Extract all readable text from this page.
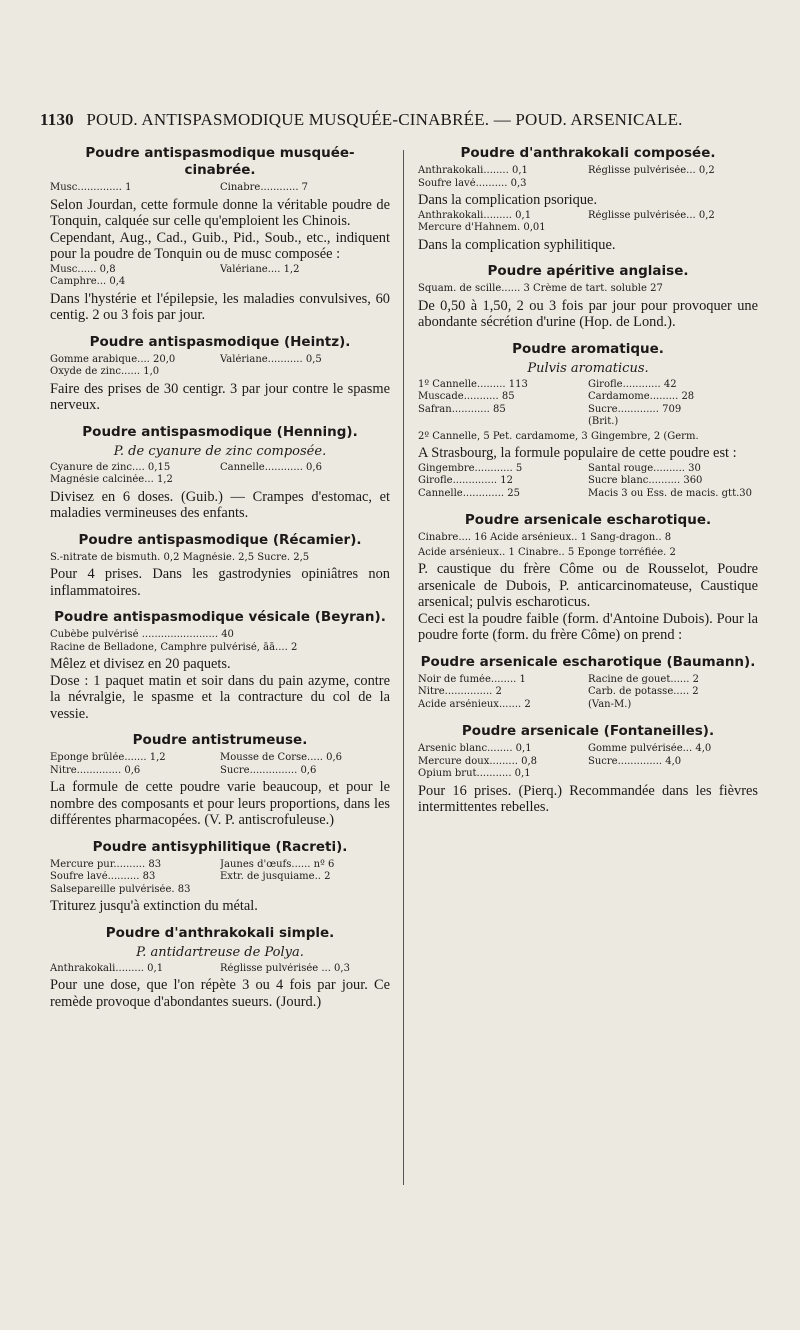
1130 POUD. ANTISPASMODIQUE MUSQUÉE-CINABRÉE. — POUD. ARSENICALE.
Poudre antispasmodique musquée-cinabrée.
Musc.............. 1	Cinabre............ 7

Selon Jourdan, cette formule donne la véritable poudre de Tonquin, calquée sur celle qu'emploient les Chinois.

Cependant, Aug., Cad., Guib., Pid., Soub., etc., indiquent pour la poudre de Tonquin ou de musc composée :

Musc...... 0,8	Valériane.... 1,2
Camphre... 0,4

Dans l'hystérie et l'épilepsie, les maladies convulsives, 60 centig. 2 ou 3 fois par jour.

Poudre antispasmodique (Heintz).
Gomme arabique.... 20,0	Valériane........... 0,5
Oxyde de zinc...... 1,0

Faire des prises de 30 centigr. 3 par jour contre le spasme nerveux.

Poudre antispasmodique (Henning).
P. de cyanure de zinc composée.
Cyanure de zinc.... 0,15	Cannelle............ 0,6
Magnésie calcinée... 1,2

Divisez en 6 doses. (Guib.) — Crampes d'estomac, et maladies vermineuses des enfants.

Poudre antispasmodique (Récamier).
S.-nitrate de bismuth. 0,2 Magnésie. 2,5 Sucre. 2,5

Pour 4 prises. Dans les gastrodynies opiniâtres non inflammatoires.

Poudre antispasmodique vésicale (Beyran).
Cubèbe pulvérisé ........................ 40
Racine de Belladone, Camphre pulvérisé, āā.... 2

Mêlez et divisez en 20 paquets.

Dose : 1 paquet matin et soir dans du pain azyme, contre la névralgie, le spasme et la contracture du col de la vessie.

Poudre antistrumeuse.
Éponge brûlée....... 1,2	Mousse de Corse..... 0,6
Nitre.............. 0,6	Sucre............... 0,6

La formule de cette poudre varie beaucoup, et pour le nombre des composants et pour leurs proportions, dans les différentes pharmacopées. (V. P. antiscrofuleuse.)

Poudre antisyphilitique (Racreti).
Mercure pur.......... 83	Jaunes d'œufs...... nº 6
Soufre lavé.......... 83	Extr. de jusquiame.. 2
Salsepareille pulvérisée. 83

Triturez jusqu'à extinction du métal.

Poudre d'anthrakokali simple.
P. antidartreuse de Polya.
Anthrakokali......... 0,1	Réglisse pulvérisée ... 0,3

Pour une dose, que l'on répète 3 ou 4 fois par jour. Ce remède provoque d'abondantes sueurs. (Jourd.)

Poudre d'anthrakokali composée.
Anthrakokali........ 0,1	Réglisse pulvérisée... 0,2
Soufre lavé.......... 0,3

Dans la complication psorique.

Anthrakokali......... 0,1	Réglisse pulvérisée... 0,2
Mercure d'Hahnem. 0,01

Dans la complication syphilitique.

Poudre apéritive anglaise.
Squam. de scille...... 3 Crème de tart. soluble 27

De 0,50 à 1,50, 2 ou 3 fois par jour pour provoquer une abondante sécrétion d'urine (Hop. de Lond.).

Poudre aromatique.
Pulvis aromaticus.
1º Cannelle......... 113	Girofle............ 42
Muscade........... 85	Cardamome......... 28
Safran............ 85	Sucre............. 709
(Brit.)
2º Cannelle, 5 Pet. cardamome, 3 Gingembre, 2 (Germ.

A Strasbourg, la formule populaire de cette poudre est :

Gingembre............ 5	Santal rouge.......... 30
Girofle.............. 12	Sucre blanc.......... 360
Cannelle............. 25	Macis 3 ou Ess. de macis. gtt.30
Poudre arsenicale escharotique.
Cinabre.... 16 Acide arsénieux.. 1 Sang-dragon.. 8
Acide arsénieux.. 1 Cinabre.. 5 Éponge torréfiée. 2

P. caustique du frère Côme ou de Rousselot, Poudre arsenicale de Dubois, P. anticarcinomateuse, Caustique arsenical; pulvis escharoticus.

Ceci est la poudre faible (form. d'Antoine Dubois). Pour la poudre forte (form. du frère Côme) on prend :

Poudre arsenicale escharotique (Baumann).
Noir de fumée........ 1	Racine de gouet...... 2
Nitre............... 2	Carb. de potasse..... 2
Acide arsénieux....... 2	(Van-M.)
Poudre arsenicale (Fontaneilles).
Arsenic blanc........ 0,1	Gomme pulvérisée... 4,0
Mercure doux......... 0,8	Sucre.............. 4,0
Opium brut........... 0,1

Pour 16 prises. (Pierq.) Recommandée dans les fièvres intermittentes rebelles.
